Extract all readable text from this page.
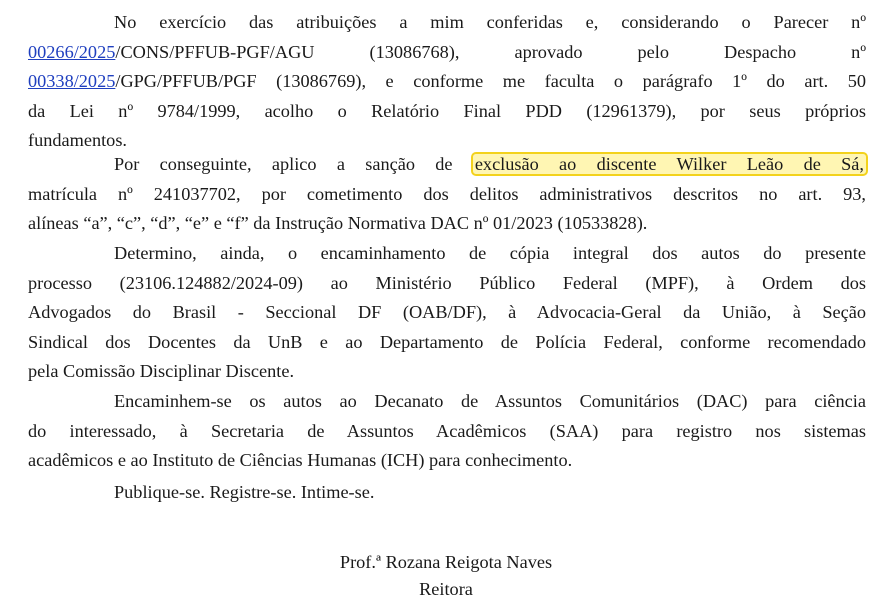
No exercício das atribuições a mim conferidas e, considerando o Parecer nº
00266/2025/CONS/PFFUB-PGF/AGU (13086768), aprovado pelo Despacho nº
00338/2025/GPG/PFFUB/PGF (13086769), e conforme me faculta o parágrafo 1º do art. 50
da Lei nº 9784/1999, acolho o Relatório Final PDD (12961379), por seus próprios
fundamentos.
Por conseguinte, aplico a sanção de exclusão ao discente Wilker Leão de Sá,
matrícula nº 241037702, por cometimento dos delitos administrativos descritos no art. 93,
alíneas “a”, “c”, “d”, “e” e “f” da Instrução Normativa DAC nº 01/2023 (10533828).
Determino, ainda, o encaminhamento de cópia integral dos autos do presente
processo (23106.124882/2024-09) ao Ministério Público Federal (MPF), à Ordem dos
Advogados do Brasil - Seccional DF (OAB/DF), à Advocacia-Geral da União, à Seção
Sindical dos Docentes da UnB e ao Departamento de Polícia Federal, conforme recomendado
pela Comissão Disciplinar Discente.
Encaminhem-se os autos ao Decanato de Assuntos Comunitários (DAC) para ciência
do interessado, à Secretaria de Assuntos Acadêmicos (SAA) para registro nos sistemas
acadêmicos e ao Instituto de Ciências Humanas (ICH) para conhecimento.
Publique-se. Registre-se. Intime-se.
Prof.ª Rozana Reigota Naves
Reitora
